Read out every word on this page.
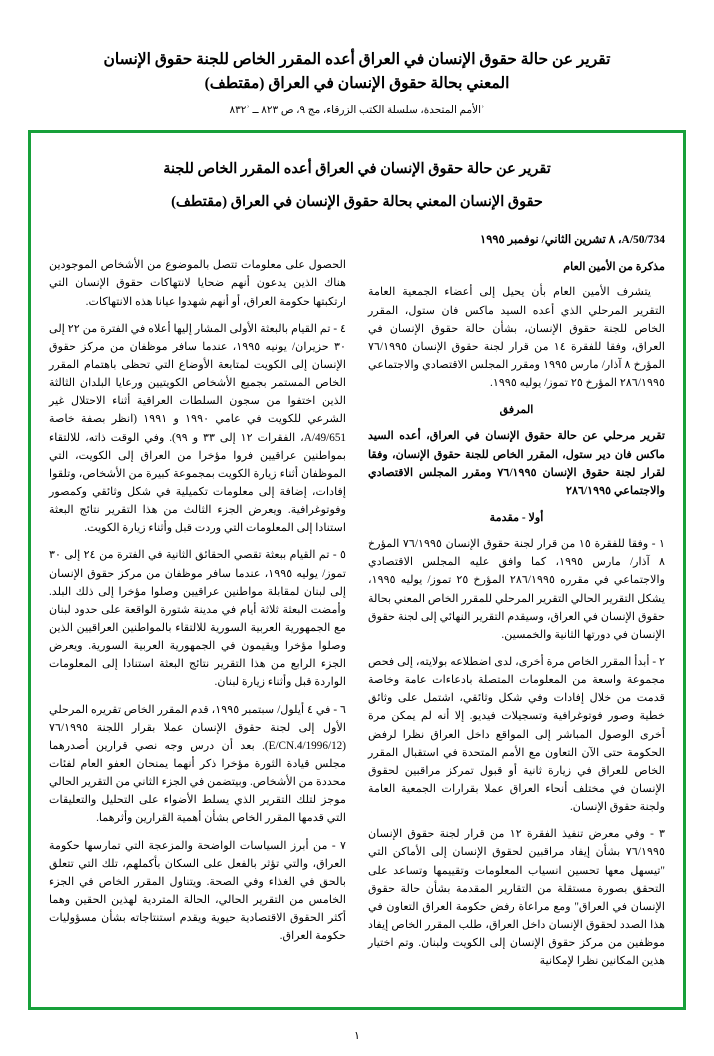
تقرير عن حالة حقوق الإنسان في العراق أعده المقرر الخاص للجنة حقوق الإنسان
المعني بحالة حقوق الإنسان في العراق (مقتطف)
ʾالأمم المتحدة، سلسلة الكتب الزرقاء، مج ٩، ص ٨٢٣ ــ ٨٣٢ʾ
تقرير عن حالة حقوق الإنسان في العراق أعده المقرر الخاص للجنة
حقوق الإنسان المعني بحالة حقوق الإنسان في العراق (مقتطف)
A/50/734، ٨ تشرين الثاني/ نوفمبر ١٩٩٥

مذكرة من الأمين العام

يتشرف الأمين العام بأن يحيل إلى أعضاء الجمعية العامة التقرير المرحلي الذي أعده السيد ماكس فان ستول، المقرر الخاص للجنة حقوق الإنسان، بشأن حالة حقوق الإنسان في العراق، وفقا للفقرة ١٤ من قرار لجنة حقوق الإنسان ٧٦/١٩٩٥ المؤرخ ٨ آذار/ مارس ١٩٩٥ ومقرر المجلس الاقتصادي والاجتماعي ٢٨٦/١٩٩٥ المؤرخ ٢٥ تموز/ يوليه ١٩٩٥.

المرفق

تقرير مرحلي عن حالة حقوق الإنسان في العراق، أعده السيد ماكس فان دير ستول، المقرر الخاص للجنة حقوق الإنسان، وفقا لقرار لجنة حقوق الإنسان ٧٦/١٩٩٥ ومقرر المجلس الاقتصادي والاجتماعي ٢٨٦/١٩٩٥

أولا - مقدمة

١ - وفقا للفقرة ١٥ من قرار لجنة حقوق الإنسان ٧٦/١٩٩٥ المؤرخ ٨ آذار/ مارس ١٩٩٥، كما وافق عليه المجلس الاقتصادي والاجتماعي في مقرره ٢٨٦/١٩٩٥ المؤرخ ٢٥ تموز/ يوليه ١٩٩٥، يشكل التقرير الحالي التقرير المرحلي للمقرر الخاص المعني بحالة حقوق الإنسان في العراق، وسيقدم التقرير النهائي إلى لجنة حقوق الإنسان في دورتها الثانية والخمسين.

٢ - أبدأ المقرر الخاص مرة أخرى، لدى اضطلاعه بولايته، إلى فحص مجموعة واسعة من المعلومات المتصلة بادعاءات عامة وخاصة قدمت من خلال إفادات وفي شكل وثائقي، اشتمل على وثائق خطية وصور فوتوغرافية وتسجيلات فيديو. إلا أنه لم يمكن مرة أخرى الوصول المباشر إلى المواقع داخل العراق نظرا لرفض الحكومة حتى الآن التعاون مع الأمم المتحدة في استقبال المقرر الخاص للعراق في زيارة ثانية أو قبول تمركز مراقبين لحقوق الإنسان في مختلف أنحاء العراق عملا بقرارات الجمعية العامة ولجنة حقوق الإنسان.

٣ - وفي معرض تنفيذ الفقرة ١٢ من قرار لجنة حقوق الإنسان ٧٦/١٩٩٥ بشأن إيفاد مراقبين لحقوق الإنسان إلى الأماكن التي "تيسهل معها تحسين انسياب المعلومات وتقييمها وتساعد على التحقق بصورة مستقلة من التقارير المقدمة بشأن حالة حقوق الإنسان في العراق" ومع مراعاة رفض حكومة العراق التعاون في هذا الصدد لحقوق الإنسان داخل العراق، طلب المقرر الخاص إيفاد موظفين من مركز حقوق الإنسان إلى الكويت ولبنان. وتم اختيار هذين المكانين نظرا لإمكانية

الحصول على معلومات تتصل بالموضوع من الأشخاص الموجودين هناك الذين يدعون أنهم ضحايا لانتهاكات حقوق الإنسان التي ارتكبتها حكومة العراق، أو أنهم شهدوا عيانا هذه الانتهاكات.

٤ - تم القيام بالبعثة الأولى المشار إليها أعلاه في الفترة من ٢٢ إلى ٣٠ حزيران/ يونيه ١٩٩٥، عندما سافر موظفان من مركز حقوق الإنسان إلى الكويت لمتابعة الأوضاع التي تحظى باهتمام المقرر الخاص المستمر بجميع الأشخاص الكويتيين ورعايا البلدان الثالثة الذين اختفوا من سجون السلطات العراقية أثناء الاحتلال غير الشرعي للكويت في عامي ١٩٩٠ و ١٩٩١ (انظر بصفة خاصة A/49/651، الفقرات ١٢ إلى ٣٣ و ٩٩). وفي الوقت ذاته، للالتقاء بمواطنين عراقيين فروا مؤخرا من العراق إلى الكويت، التي الموظفان أثناء زيارة الكويت بمجموعة كبيرة من الأشخاص، وتلقوا إفادات، إضافة إلى معلومات تكميلية في شكل وثائقي وكمصور وفوتوغرافية. ويعرض الجزء الثالث من هذا التقرير نتائج البعثة استنادا إلى المعلومات التي وردت قبل وأثناء زيارة الكويت.

٥ - تم القيام ببعثة تقصي الحقائق الثانية في الفترة من ٢٤ إلى ٣٠ تموز/ يوليه ١٩٩٥، عندما سافر موظفان من مركز حقوق الإنسان إلى لبنان لمقابلة مواطنين عراقيين وصلوا مؤخرا إلى ذلك البلد. وأمضت البعثة ثلاثة أيام في مدينة شتورة الواقعة على حدود لبنان مع الجمهورية العربية السورية للالتقاء بالمواطنين العراقيين الذين وصلوا مؤخرا ويقيمون في الجمهورية العربية السورية. ويعرض الجزء الرابع من هذا التقرير نتائج البعثة استنادا إلى المعلومات الواردة قبل وأثناء زيارة لبنان.

٦ - في ٤ أيلول/ سبتمبر ١٩٩٥، قدم المقرر الخاص تقريره المرحلي الأول إلى لجنة حقوق الإنسان عملا بقرار اللجنة ٧٦/١٩٩٥ (E/CN.4/1996/12). بعد أن درس وجه نصي قرارين أصدرهما مجلس قيادة الثورة مؤخرا ذكر أنهما يمنحان العفو العام لفئات محددة من الأشخاص. وبيتضمن في الجزء الثاني من التقرير الحالي موجز لتلك التقرير الذي يسلط الأضواء على التحليل والتعليقات التي قدمها المقرر الخاص بشأن أهمية القرارين وأثرهما.

٧ - من أبرز السياسات الواضحة والمزعجة التي تمارسها حكومة العراق، والتي تؤثر بالفعل على السكان بأكملهم، تلك التي تتعلق بالحق في الغذاء وفي الصحة. ويتناول المقرر الخاص في الجزء الخامس من التقرير الحالي، الحالة المتردية لهذين الحقين وهما أكثر الحقوق الاقتصادية حيوية ويقدم استنتاجاته بشأن مسؤوليات حكومة العراق.

١
